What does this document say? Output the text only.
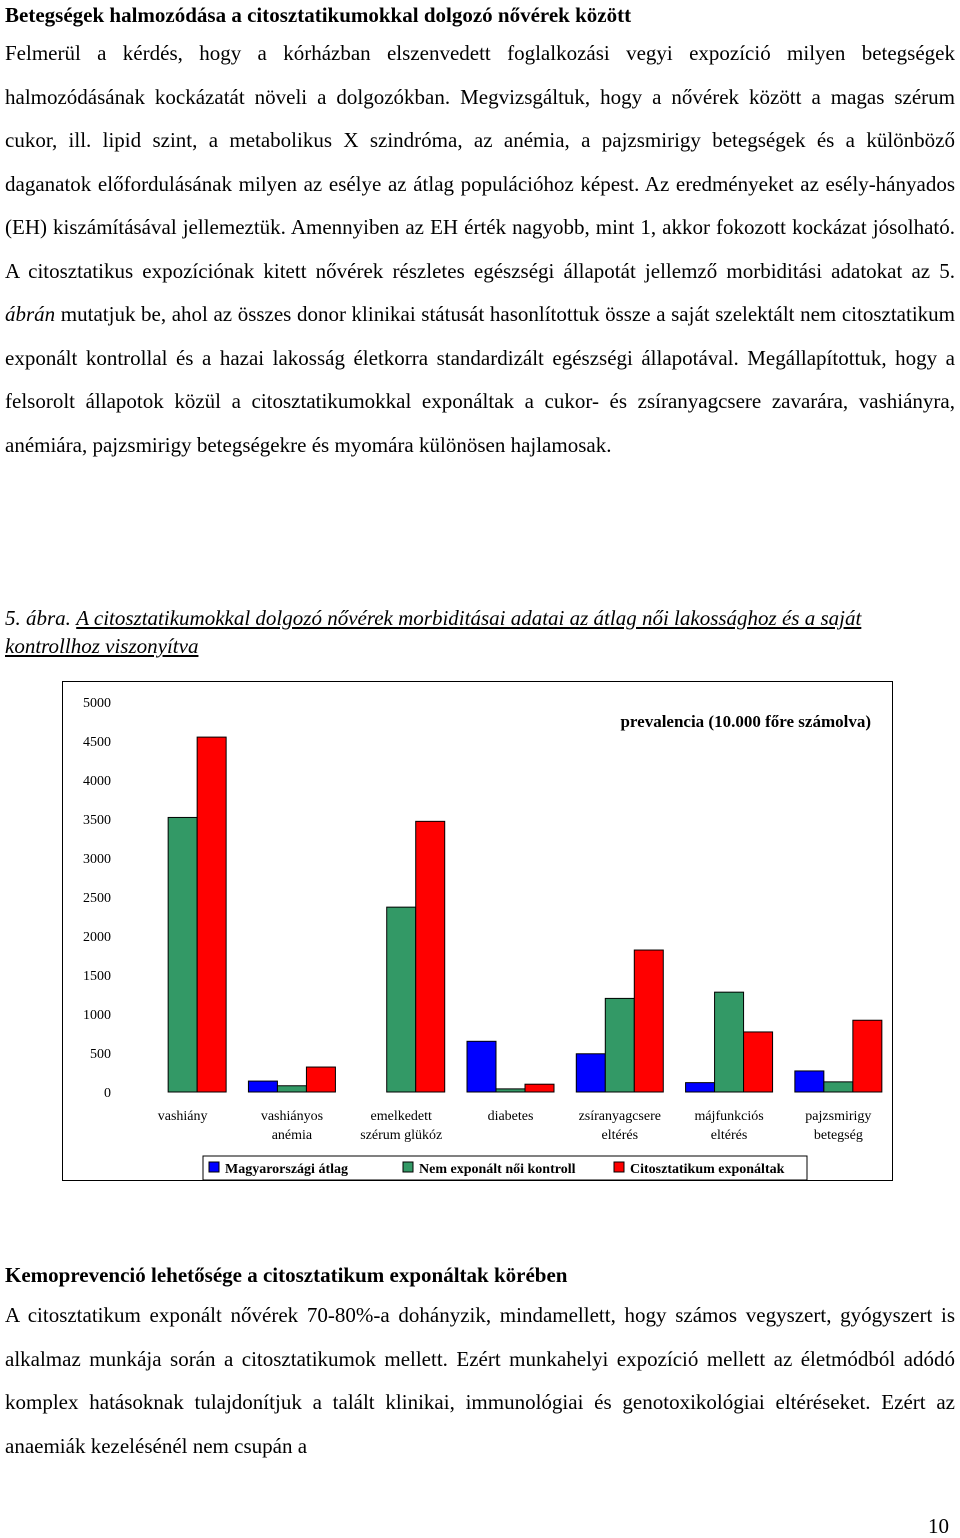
Betegségek halmozódása a citosztatikumokkal dolgozó nővérek között

Felmerül a kérdés, hogy a kórházban elszenvedett foglalkozási vegyi expozíció milyen betegségek halmozódásának kockázatát növeli a dolgozókban. Megvizsgáltuk, hogy a nővérek között a magas szérum cukor, ill. lipid szint, a metabolikus X szindróma, az anémia, a pajzsmirigy betegségek és a különböző daganatok előfordulásának milyen az esélye az átlag populációhoz képest. Az eredményeket az esély-hányados (EH) kiszámításával jellemeztük. Amennyiben az EH érték nagyobb, mint 1, akkor fokozott kockázat jósolható. A citosztatikus expozíciónak kitett nővérek részletes egészségi állapotát jellemző morbiditási adatokat az 5. ábrán mutatjuk be, ahol az összes donor klinikai státusát hasonlítottuk össze a saját szelektált nem citosztatikum exponált kontrollal és a hazai lakosság életkorra standardizált egészségi állapotával. Megállapítottuk, hogy a felsorolt állapotok közül a citosztatikumokkal exponáltak a cukor- és zsíranyagcsere zavarára, vashiányra, anémiára, pajzsmirigy betegségekre és myomára különösen hajlamosak.

5. ábra. A citosztatikumokkal dolgozó nővérek morbiditásai adatai az átlag női lakossághoz és a saját kontrollhoz viszonyítva
5000
4500
4000
3500
3000
2500
2000
1500
1000
500
0
vashiány	vashiányos
anémia
emelkedett
szérum glükóz
diabetes	zsíranyagcsere
eltérés
májfunkciós
eltérés
pajzsmirigy
betegség
prevalencia (10.000 főre számolva)
Magyarországi átlag	Nem exponált női kontroll	Citosztatikum exponáltak
Kemoprevenció lehetősége a citosztatikum exponáltak körében

A citosztatikum exponált nővérek 70-80%-a dohányzik, mindamellett, hogy számos vegyszert, gyógyszert is alkalmaz munkája során a citosztatikumok mellett. Ezért munkahelyi expozíció mellett az életmódból adódó komplex hatásoknak tulajdonítjuk a talált klinikai, immunológiai és genotoxikológiai eltéréseket. Ezért az anaemiák kezelésénél nem csupán a

10
